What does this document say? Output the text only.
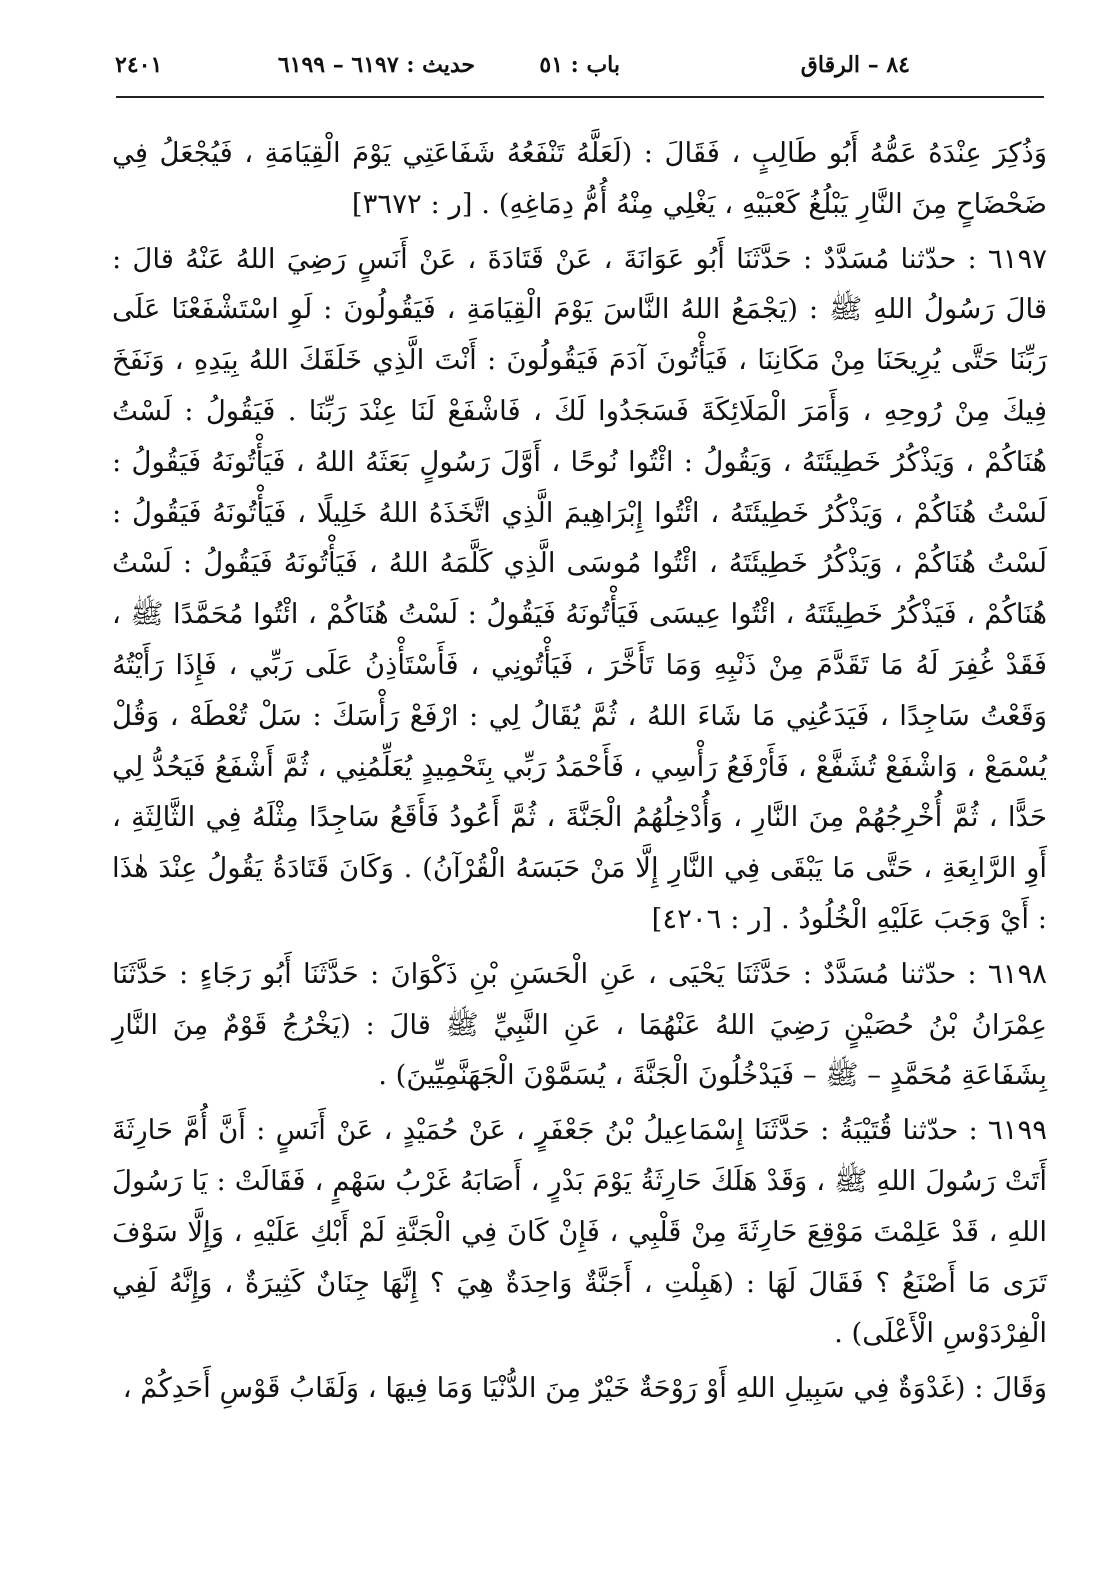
٨٤ – الرقاق
باب : ٥١
حديث : ٦١٩٧ – ٦١٩٩
٢٤٠١

وَذُكِرَ عِنْدَهُ عَمُّهُ أَبُو طَالِبٍ ، فَقَالَ : (لَعَلَّهُ تَنْفَعُهُ شَفَاعَتِي يَوْمَ الْقِيَامَةِ ، فَيُجْعَلُ فِي ضَحْضَاحٍ مِنَ النَّارِ يَبْلُغُ كَعْبَيْهِ ، يَغْلِي مِنْهُ أُمُّ دِمَاغِهِ) . [ر : ٣٦٧٢]

٦١٩٧ : حدّثنا مُسَدَّدٌ : حَدَّثَنَا أَبُو عَوَانَةَ ، عَنْ قَتَادَةَ ، عَنْ أَنَسٍ رَضِيَ اللهُ عَنْهُ قالَ : قالَ رَسُولُ اللهِ ﷺ : (يَجْمَعُ اللهُ النَّاسَ يَوْمَ الْقِيَامَةِ ، فَيَقُولُونَ : لَوِ اسْتَشْفَعْنَا عَلَى رَبِّنَا حَتَّى يُرِيحَنَا مِنْ مَكَانِنَا ، فَيَأْتُونَ آدَمَ فَيَقُولُونَ : أَنْتَ الَّذِي خَلَقَكَ اللهُ بِيَدِهِ ، وَنَفَخَ فِيكَ مِنْ رُوحِهِ ، وَأَمَرَ الْمَلَائِكَةَ فَسَجَدُوا لَكَ ، فَاشْفَعْ لَنَا عِنْدَ رَبِّنَا . فَيَقُولُ : لَسْتُ هُنَاكُمْ ، وَيَذْكُرُ خَطِيئَتَهُ ، وَيَقُولُ : ائْتُوا نُوحًا ، أَوَّلَ رَسُولٍ بَعَثَهُ اللهُ ، فَيَأْتُونَهُ فَيَقُولُ : لَسْتُ هُنَاكُمْ ، وَيَذْكُرُ خَطِيئَتَهُ ، ائْتُوا إِبْرَاهِيمَ الَّذِي اتَّخَذَهُ اللهُ خَلِيلًا ، فَيَأْتُونَهُ فَيَقُولُ : لَسْتُ هُنَاكُمْ ، وَيَذْكُرُ خَطِيئَتَهُ ، ائْتُوا مُوسَى الَّذِي كَلَّمَهُ اللهُ ، فَيَأْتُونَهُ فَيَقُولُ : لَسْتُ هُنَاكُمْ ، فَيَذْكُرُ خَطِيئَتَهُ ، ائْتُوا عِيسَى فَيَأْتُونَهُ فَيَقُولُ : لَسْتُ هُنَاكُمْ ، ائْتُوا مُحَمَّدًا ﷺ ، فَقَدْ غُفِرَ لَهُ مَا تَقَدَّمَ مِنْ ذَنْبِهِ وَمَا تَأَخَّرَ ، فَيَأْتُونِي ، فَأَسْتَأْذِنُ عَلَى رَبِّي ، فَإِذَا رَأَيْتُهُ وَقَعْتُ سَاجِدًا ، فَيَدَعُنِي مَا شَاءَ اللهُ ، ثُمَّ يُقَالُ لِي : ارْفَعْ رَأْسَكَ : سَلْ تُعْطَهْ ، وَقُلْ يُسْمَعْ ، وَاشْفَعْ تُشَفَّعْ ، فَأَرْفَعُ رَأْسِي ، فَأَحْمَدُ رَبِّي بِتَحْمِيدٍ يُعَلِّمُنِي ، ثُمَّ أَشْفَعُ فَيَحُدُّ لِي حَدًّا ، ثُمَّ أُخْرِجُهُمْ مِنَ النَّارِ ، وَأُدْخِلُهُمُ الْجَنَّةَ ، ثُمَّ أَعُودُ فَأَقَعُ سَاجِدًا مِثْلَهُ فِي الثَّالِثَةِ ، أَوِ الرَّابِعَةِ ، حَتَّى مَا يَبْقَى فِي النَّارِ إِلَّا مَنْ حَبَسَهُ الْقُرْآنُ) . وَكَانَ قَتَادَةُ يَقُولُ عِنْدَ هٰذَا : أَيْ وَجَبَ عَلَيْهِ الْخُلُودُ . [ر : ٤٢٠٦]

٦١٩٨ : حدّثنا مُسَدَّدٌ : حَدَّثَنَا يَحْيَى ، عَنِ الْحَسَنِ بْنِ ذَكْوَانَ : حَدَّثَنَا أَبُو رَجَاءٍ : حَدَّثَنَا عِمْرَانُ بْنُ حُصَيْنٍ رَضِيَ اللهُ عَنْهُمَا ، عَنِ النَّبِيِّ ﷺ قالَ : (يَخْرُجُ قَوْمٌ مِنَ النَّارِ بِشَفَاعَةِ مُحَمَّدٍ – ﷺ – فَيَدْخُلُونَ الْجَنَّةَ ، يُسَمَّوْنَ الْجَهَنَّمِيِّينَ) .

٦١٩٩ : حدّثنا قُتَيْبَةُ : حَدَّثَنَا إِسْمَاعِيلُ بْنُ جَعْفَرٍ ، عَنْ حُمَيْدٍ ، عَنْ أَنَسٍ : أَنَّ أُمَّ حَارِثَةَ أَتَتْ رَسُولَ اللهِ ﷺ ، وَقَدْ هَلَكَ حَارِثَةُ يَوْمَ بَدْرٍ ، أَصَابَهُ غَرْبُ سَهْمٍ ، فَقَالَتْ : يَا رَسُولَ اللهِ ، قَدْ عَلِمْتَ مَوْقِعَ حَارِثَةَ مِنْ قَلْبِي ، فَإِنْ كَانَ فِي الْجَنَّةِ لَمْ أَبْكِ عَلَيْهِ ، وَإِلَّا سَوْفَ تَرَى مَا أَصْنَعُ ؟ فَقَالَ لَهَا : (هَبِلْتِ ، أَجَنَّةٌ وَاحِدَةٌ هِيَ ؟ إِنَّهَا جِنَانٌ كَثِيرَةٌ ، وَإِنَّهُ لَفِي الْفِرْدَوْسِ الْأَعْلَى) .

وَقَالَ : (غَدْوَةٌ فِي سَبِيلِ اللهِ أَوْ رَوْحَةٌ خَيْرٌ مِنَ الدُّنْيَا وَمَا فِيهَا ، وَلَقَابُ قَوْسِ أَحَدِكُمْ ،
